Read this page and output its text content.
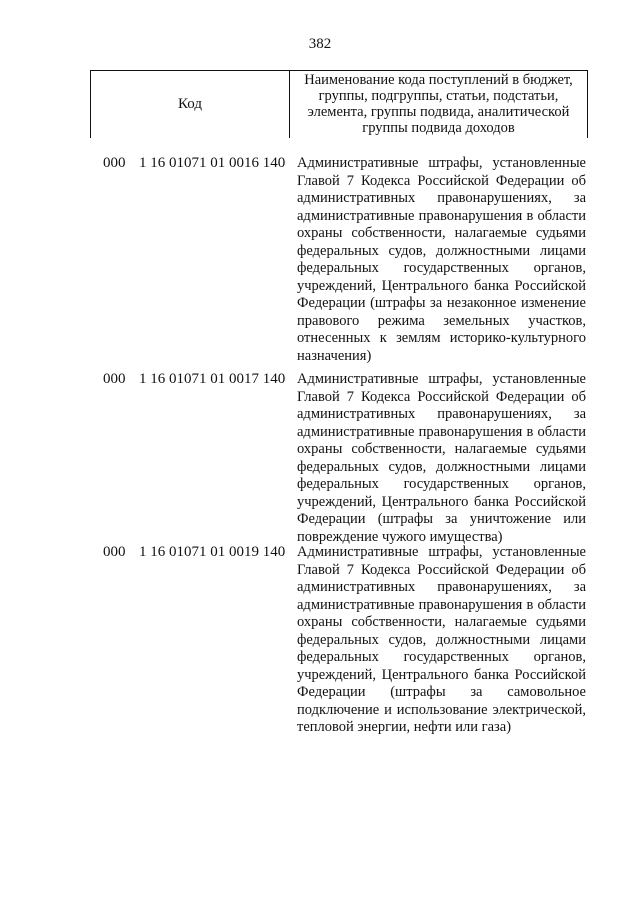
382
Код
Наименование кода поступлений в бюджет, группы, подгруппы, статьи, подстатьи, элемента, группы подвида, аналитической группы подвида доходов
000 1 16 01071 01 0016 140 Административные штрафы, установленные Главой 7 Кодекса Российской Федерации об административных правонарушениях, за административные правонарушения в области охраны собственности, налагаемые судьями федеральных судов, должностными лицами федеральных государственных органов, учреждений, Центрального банка Российской Федерации (штрафы за незаконное изменение правового режима земельных участков, отнесенных к землям историко-культурного назначения)
000 1 16 01071 01 0017 140 Административные штрафы, установленные Главой 7 Кодекса Российской Федерации об административных правонарушениях, за административные правонарушения в области охраны собственности, налагаемые судьями федеральных судов, должностными лицами федеральных государственных органов, учреждений, Центрального банка Российской Федерации (штрафы за уничтожение или повреждение чужого имущества)
000 1 16 01071 01 0019 140 Административные штрафы, установленные Главой 7 Кодекса Российской Федерации об административных правонарушениях, за административные правонарушения в области охраны собственности, налагаемые судьями федеральных судов, должностными лицами федеральных государственных органов, учреждений, Центрального банка Российской Федерации (штрафы за самовольное подключение и использование электрической, тепловой энергии, нефти или газа)
